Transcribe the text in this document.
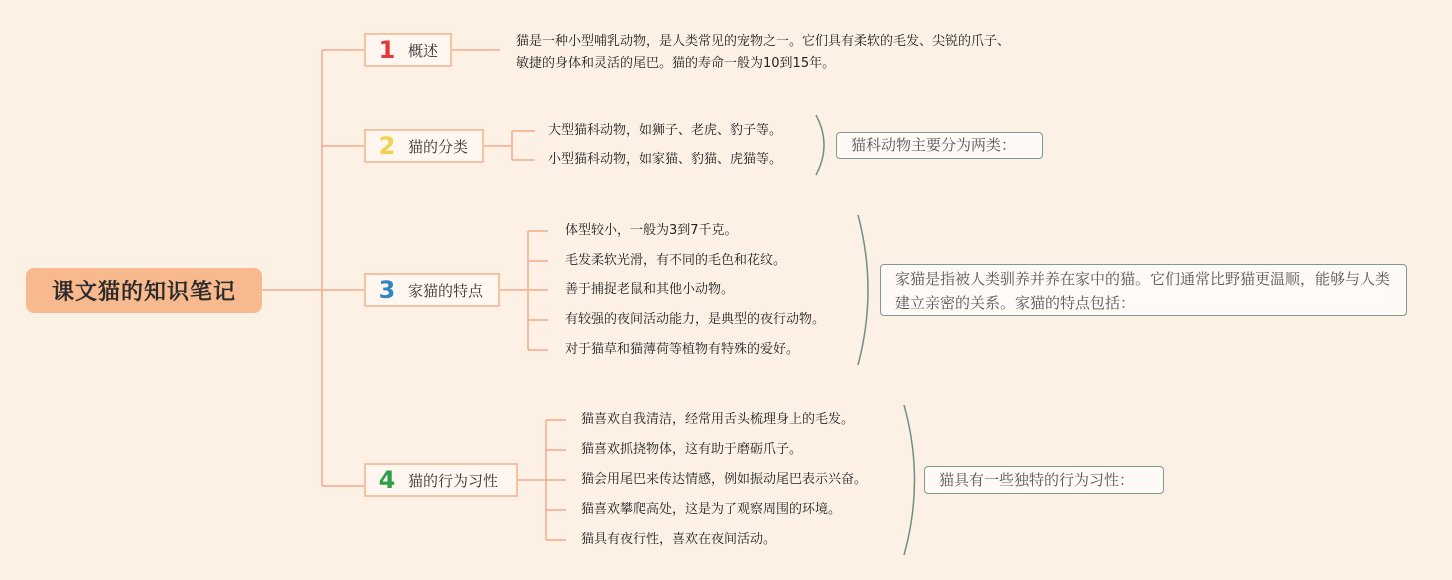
课文猫的知识笔记
1 概述	猫是一种小型哺乳动物，是人类常见的宠物之一。它们具有柔软的毛发、尖锐的爪子、敏捷的身体和灵活的尾巴。猫的寿命一般为10到15年。
2 猫的分类
大型猫科动物，如狮子、老虎、豹子等。
小型猫科动物，如家猫、豹猫、虎猫等。
猫科动物主要分为两类：
3 家猫的特点
体型较小，一般为3到7千克。
毛发柔软光滑，有不同的毛色和花纹。
善于捕捉老鼠和其他小动物。
有较强的夜间活动能力，是典型的夜行动物。
对于猫草和猫薄荷等植物有特殊的爱好。
家猫是指被人类驯养并养在家中的猫。它们通常比野猫更温顺，能够与人类建立亲密的关系。家猫的特点包括：
4 猫的行为习性
猫喜欢自我清洁，经常用舌头梳理身上的毛发。
猫喜欢抓挠物体，这有助于磨砺爪子。
猫会用尾巴来传达情感，例如振动尾巴表示兴奋。
猫喜欢攀爬高处，这是为了观察周围的环境。
猫具有夜行性，喜欢在夜间活动。
猫具有一些独特的行为习性：
